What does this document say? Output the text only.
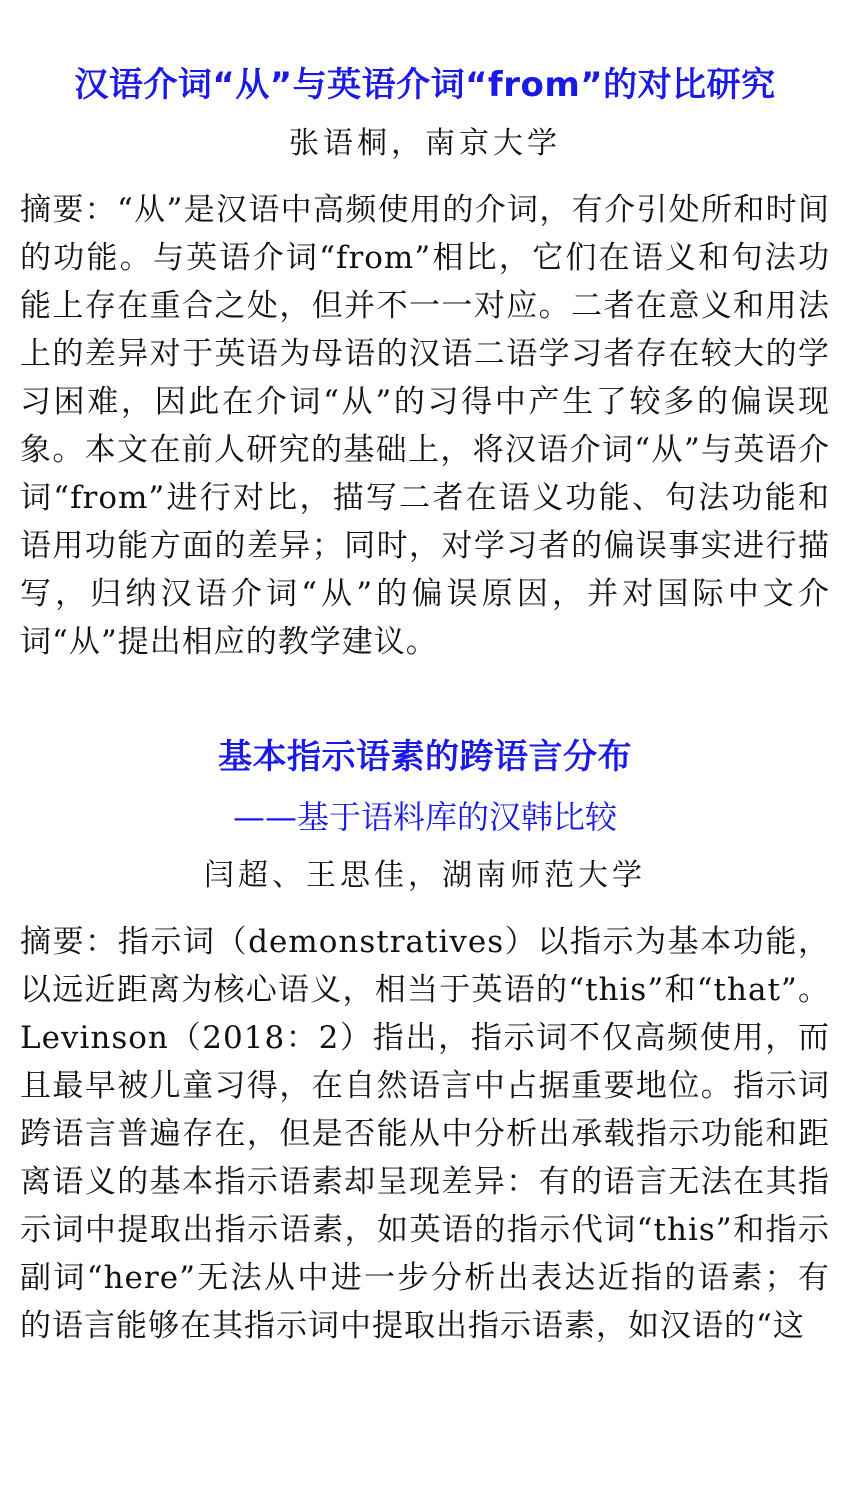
汉语介词“从”与英语介词“from”的对比研究
张语桐，南京大学

摘要：“从”是汉语中高频使用的介词，有介引处所和时间的功能。与英语介词“from”相比，它们在语义和句法功能上存在重合之处，但并不一一对应。二者在意义和用法上的差异对于英语为母语的汉语二语学习者存在较大的学习困难，因此在介词“从”的习得中产生了较多的偏误现象。本文在前人研究的基础上，将汉语介词“从”与英语介词“from”进行对比，描写二者在语义功能、句法功能和语用功能方面的差异；同时，对学习者的偏误事实进行描写，归纳汉语介词“从”的偏误原因，并对国际中文介词“从”提出相应的教学建议。

基本指示语素的跨语言分布
——基于语料库的汉韩比较
闫超、王思佳，湖南师范大学

摘要：指示词（demonstratives）以指示为基本功能，以远近距离为核心语义，相当于英语的“this”和“that”。Levinson（2018：2）指出，指示词不仅高频使用，而且最早被儿童习得，在自然语言中占据重要地位。指示词跨语言普遍存在，但是否能从中分析出承载指示功能和距离语义的基本指示语素却呈现差异：有的语言无法在其指示词中提取出指示语素，如英语的指示代词“this”和指示副词“here”无法从中进一步分析出表达近指的语素；有的语言能够在其指示词中提取出指示语素，如汉语的“这
